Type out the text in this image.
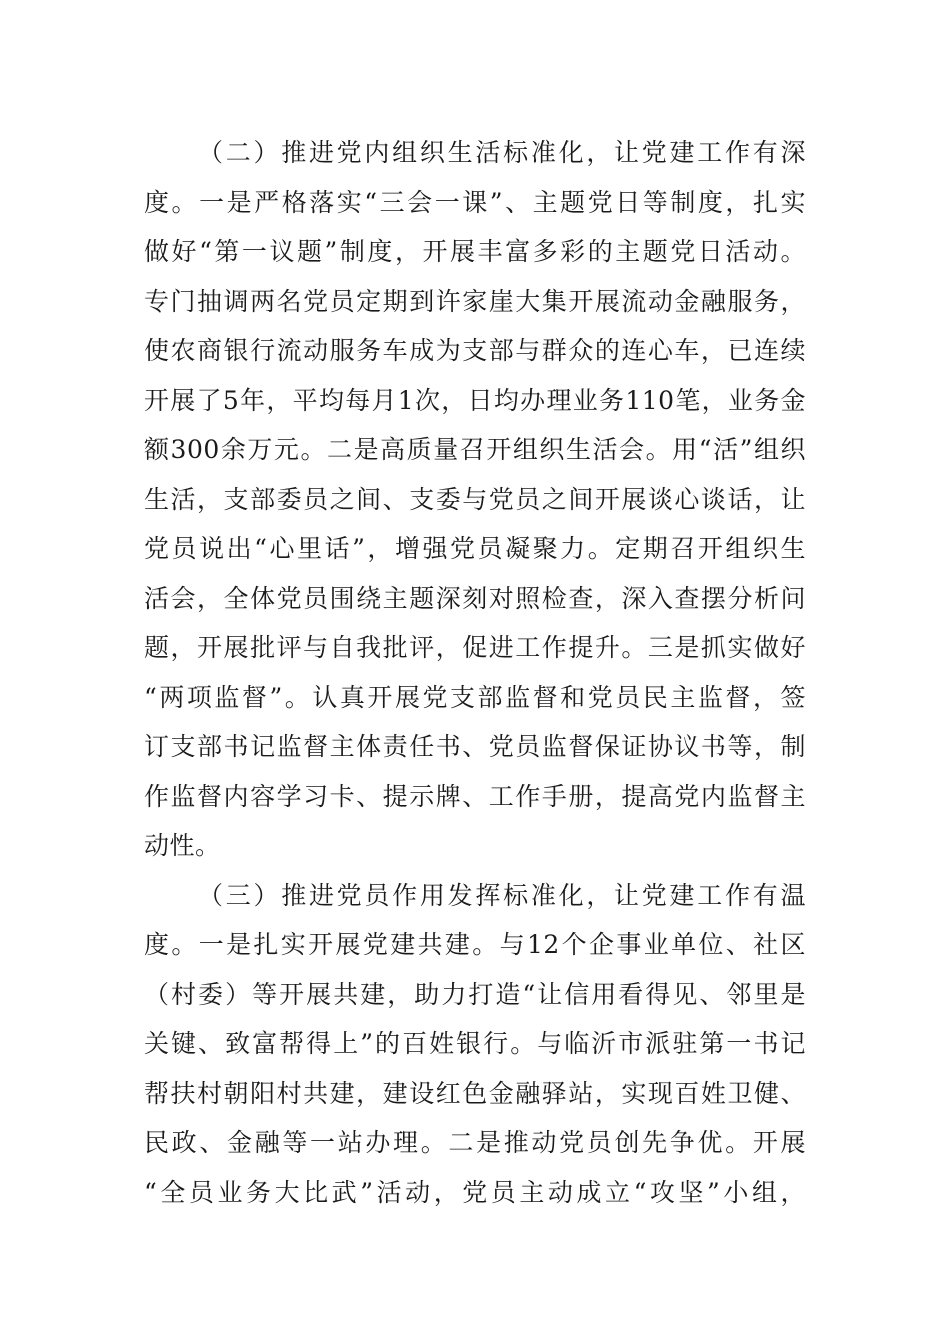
（二）推进党内组织生活标准化，让党建工作有深
度。一是严格落实“三会一课”、主题党日等制度，扎实
做好“第一议题”制度，开展丰富多彩的主题党日活动。
专门抽调两名党员定期到许家崖大集开展流动金融服务，
使农商银行流动服务车成为支部与群众的连心车，已连续
开展了5年，平均每月1次，日均办理业务110笔，业务金
额300余万元。二是高质量召开组织生活会。用“活”组织
生活，支部委员之间、支委与党员之间开展谈心谈话，让
党员说出“心里话”，增强党员凝聚力。定期召开组织生
活会，全体党员围绕主题深刻对照检查，深入查摆分析问
题，开展批评与自我批评，促进工作提升。三是抓实做好
“两项监督”。认真开展党支部监督和党员民主监督，签
订支部书记监督主体责任书、党员监督保证协议书等，制
作监督内容学习卡、提示牌、工作手册，提高党内监督主
动性。
（三）推进党员作用发挥标准化，让党建工作有温
度。一是扎实开展党建共建。与12个企事业单位、社区
（村委）等开展共建，助力打造“让信用看得见、邻里是
关键、致富帮得上”的百姓银行。与临沂市派驻第一书记
帮扶村朝阳村共建，建设红色金融驿站，实现百姓卫健、
民政、金融等一站办理。二是推动党员创先争优。开展
“全员业务大比武”活动，党员主动成立“攻坚”小组，
